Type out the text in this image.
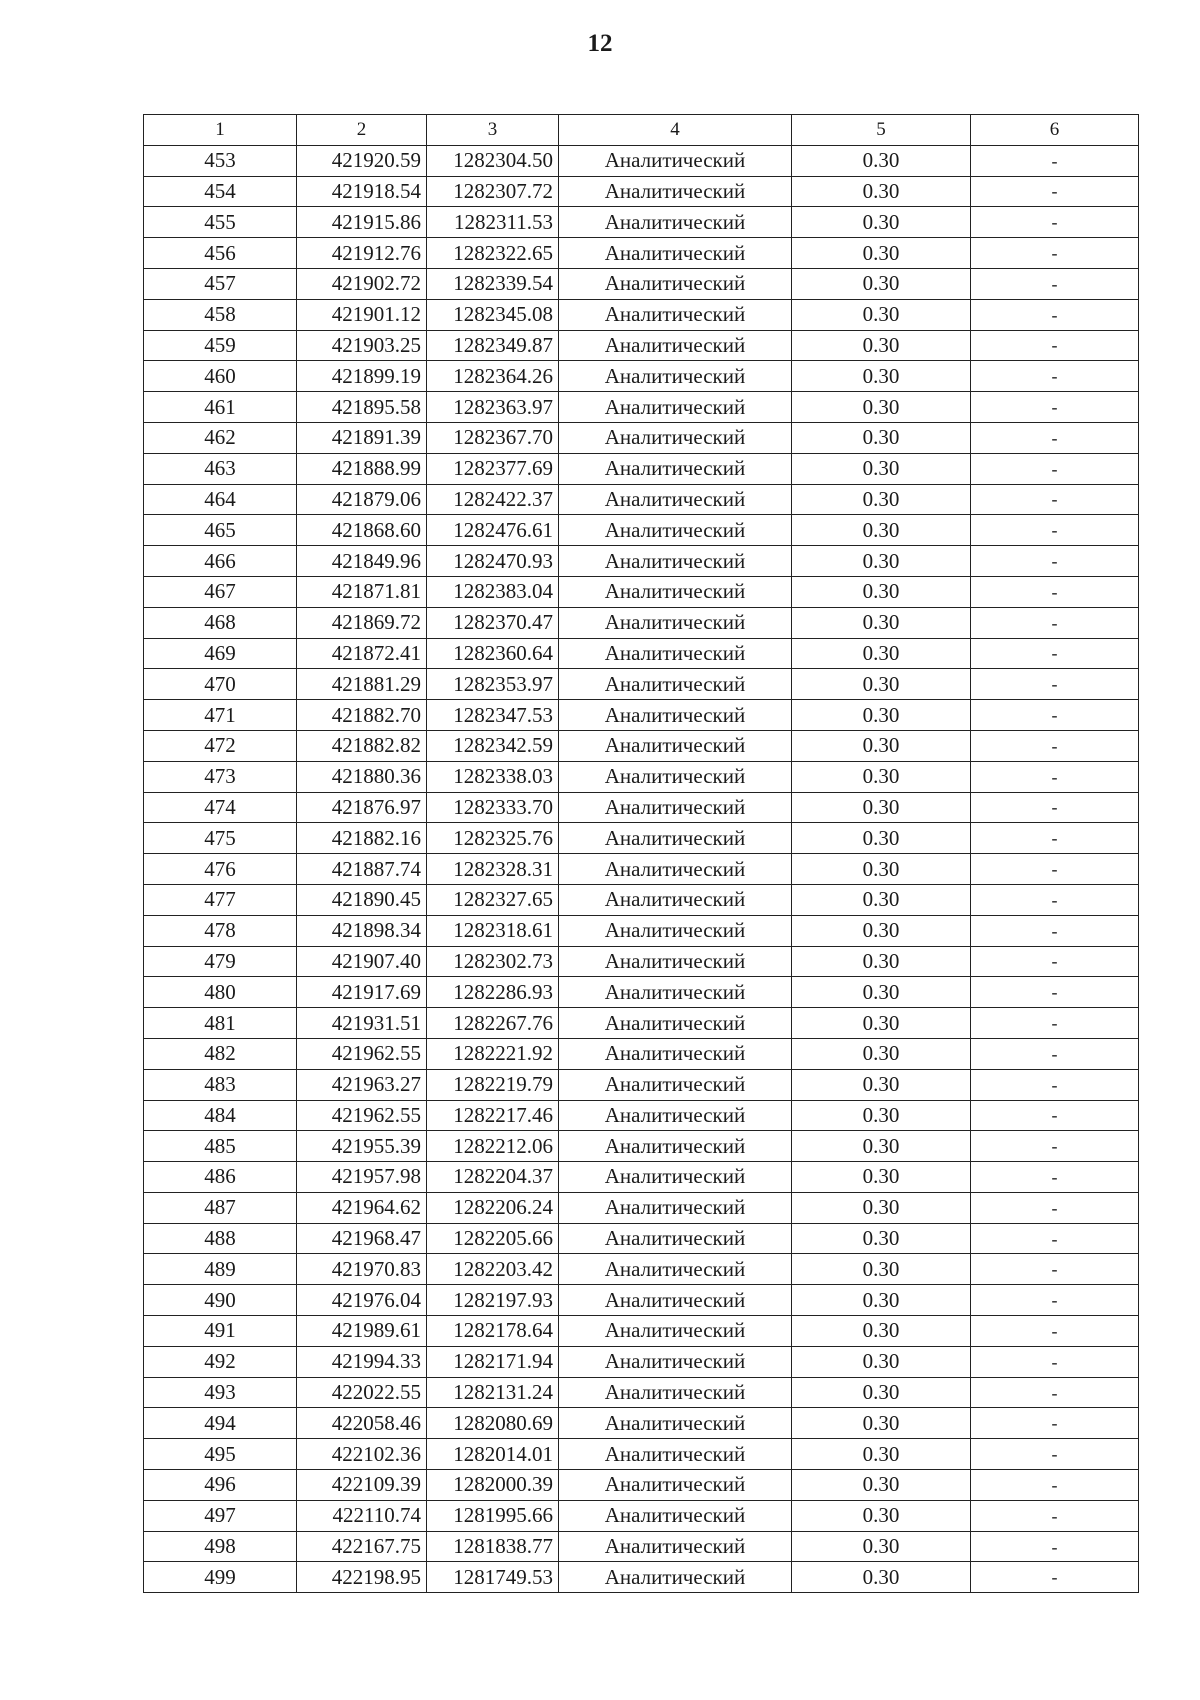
12
1	2	3	4	5	6
453	421920.59	1282304.50	Аналитический	0.30	-
454	421918.54	1282307.72	Аналитический	0.30	-
455	421915.86	1282311.53	Аналитический	0.30	-
456	421912.76	1282322.65	Аналитический	0.30	-
457	421902.72	1282339.54	Аналитический	0.30	-
458	421901.12	1282345.08	Аналитический	0.30	-
459	421903.25	1282349.87	Аналитический	0.30	-
460	421899.19	1282364.26	Аналитический	0.30	-
461	421895.58	1282363.97	Аналитический	0.30	-
462	421891.39	1282367.70	Аналитический	0.30	-
463	421888.99	1282377.69	Аналитический	0.30	-
464	421879.06	1282422.37	Аналитический	0.30	-
465	421868.60	1282476.61	Аналитический	0.30	-
466	421849.96	1282470.93	Аналитический	0.30	-
467	421871.81	1282383.04	Аналитический	0.30	-
468	421869.72	1282370.47	Аналитический	0.30	-
469	421872.41	1282360.64	Аналитический	0.30	-
470	421881.29	1282353.97	Аналитический	0.30	-
471	421882.70	1282347.53	Аналитический	0.30	-
472	421882.82	1282342.59	Аналитический	0.30	-
473	421880.36	1282338.03	Аналитический	0.30	-
474	421876.97	1282333.70	Аналитический	0.30	-
475	421882.16	1282325.76	Аналитический	0.30	-
476	421887.74	1282328.31	Аналитический	0.30	-
477	421890.45	1282327.65	Аналитический	0.30	-
478	421898.34	1282318.61	Аналитический	0.30	-
479	421907.40	1282302.73	Аналитический	0.30	-
480	421917.69	1282286.93	Аналитический	0.30	-
481	421931.51	1282267.76	Аналитический	0.30	-
482	421962.55	1282221.92	Аналитический	0.30	-
483	421963.27	1282219.79	Аналитический	0.30	-
484	421962.55	1282217.46	Аналитический	0.30	-
485	421955.39	1282212.06	Аналитический	0.30	-
486	421957.98	1282204.37	Аналитический	0.30	-
487	421964.62	1282206.24	Аналитический	0.30	-
488	421968.47	1282205.66	Аналитический	0.30	-
489	421970.83	1282203.42	Аналитический	0.30	-
490	421976.04	1282197.93	Аналитический	0.30	-
491	421989.61	1282178.64	Аналитический	0.30	-
492	421994.33	1282171.94	Аналитический	0.30	-
493	422022.55	1282131.24	Аналитический	0.30	-
494	422058.46	1282080.69	Аналитический	0.30	-
495	422102.36	1282014.01	Аналитический	0.30	-
496	422109.39	1282000.39	Аналитический	0.30	-
497	422110.74	1281995.66	Аналитический	0.30	-
498	422167.75	1281838.77	Аналитический	0.30	-
499	422198.95	1281749.53	Аналитический	0.30	-
